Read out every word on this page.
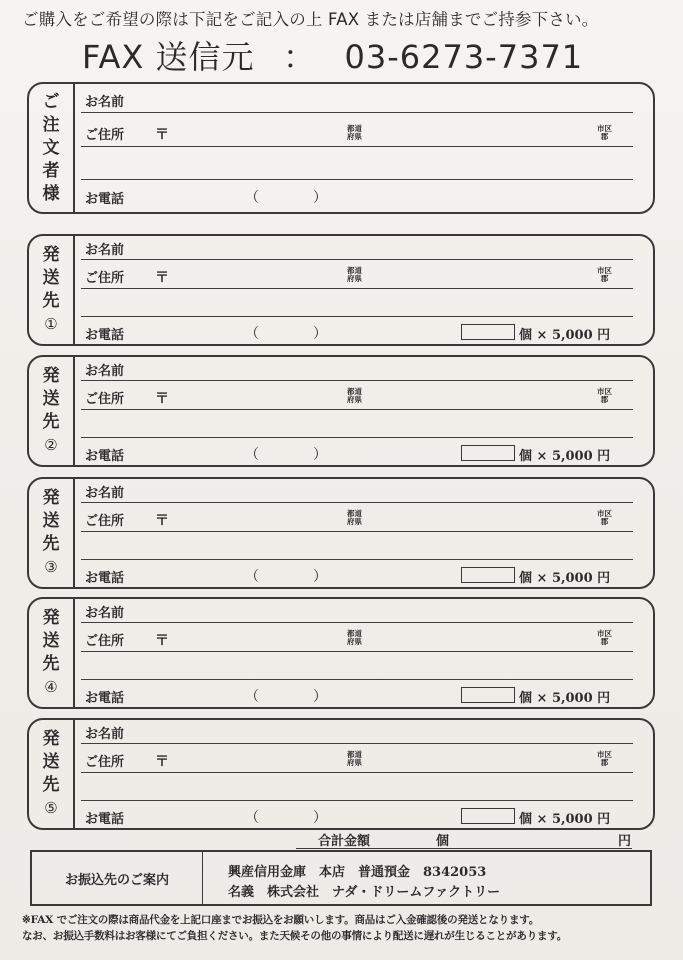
ご購入をご希望の際は下記をご記入の上 FAX または店舗までご持参下さい。
FAX 送信元 ： 03-6273-7371
ご
注
文
者
様
お名前
ご住所 〒	都道
府県
市区
郡
お電話	（	）
発
送
先
①
お名前
ご住所 〒	都道
府県
市区
郡
お電話	（	）	個 × 5,000 円
発
送
先
②
お名前
ご住所 〒	都道
府県
市区
郡
お電話	（	）	個 × 5,000 円
発
送
先
③
お名前
ご住所 〒	都道
府県
市区
郡
お電話	（	）	個 × 5,000 円
発
送
先
④
お名前
ご住所 〒	都道
府県
市区
郡
お電話	（	）	個 × 5,000 円
発
送
先
⑤
お名前
ご住所 〒	都道
府県
市区
郡
お電話	（	）	個 × 5,000 円
合計金額	個	円
お振込先のご案内	興産信用金庫　本店　普通預金　8342053
名義　株式会社　ナダ・ドリームファクトリー
※FAX でご注文の際は商品代金を上記口座までお振込をお願いします。商品はご入金確認後の発送となります。
なお、お振込手数料はお客様にてご負担ください。また天候その他の事情により配送に遅れが生じることがあります。
